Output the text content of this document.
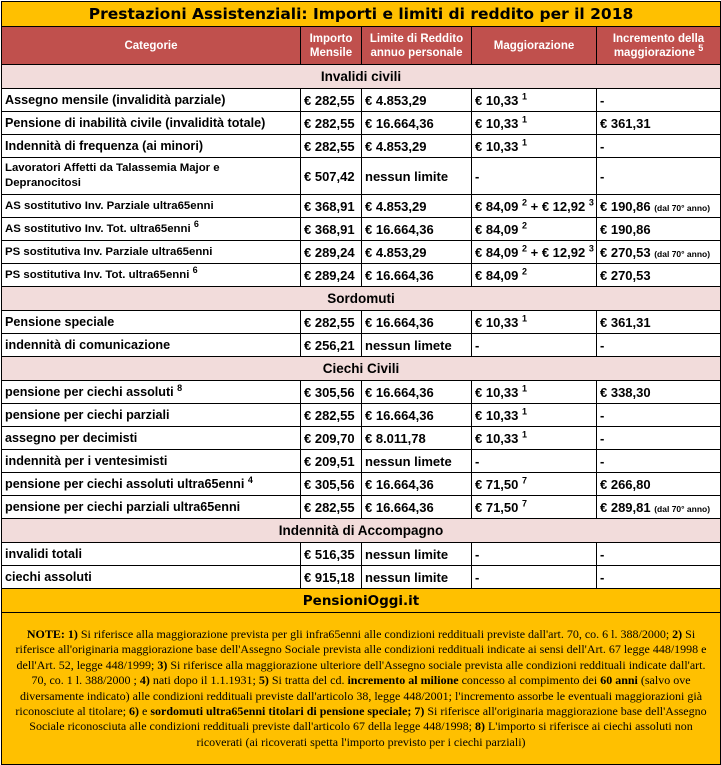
Prestazioni Assistenziali: Importi e limiti di reddito per il 2018				
Categorie	Importo Mensile	Limite di Reddito annuo personale	Maggiorazione	Incremento della maggiorazione $^5$
Invalidi civili				
Assegno mensile (invalidità parziale)	€ 282,55	€ 4.853,29	€ 10,33 $^1$	-
Pensione di inabilità civile (invalidità totale)	€ 282,55	€ 16.664,36	€ 10,33 $^1$	€ 361,31
Indennità di frequenza (ai minori)	€ 282,55	€ 4.853,29	€ 10,33 $^1$	-
Lavoratori Affetti da Talassemia Major e Depranocitosi	€ 507,42	nessun limite	-	-
AS sostitutivo Inv. Parziale ultra65enni	€ 368,91	€ 4.853,29	€ 84,09 $^2$ + € 12,92 $^3$	€ 190,86 (dal 70° anno)
AS sostitutivo Inv. Tot. ultra65enni $^6$	€ 368,91	€ 16.664,36	€ 84,09 $^2$	€ 190,86
PS sostitutiva Inv. Parziale ultra65enni	€ 289,24	€ 4.853,29	€ 84,09 $^2$ + € 12,92 $^3$	€ 270,53 (dal 70° anno)
PS sostitutiva Inv. Tot. ultra65enni $^6$	€ 289,24	€ 16.664,36	€ 84,09 $^2$	€ 270,53
Sordomuti				
Pensione speciale	€ 282,55	€ 16.664,36	€ 10,33 $^1$	€ 361,31
indennità di comunicazione	€ 256,21	nessun limete	-	-
Ciechi Civili				
pensione per ciechi assoluti $^8$	€ 305,56	€ 16.664,36	€ 10,33 $^1$	€ 338,30
pensione per ciechi parziali	€ 282,55	€ 16.664,36	€ 10,33 $^1$	-
assegno per decimisti	€ 209,70	€ 8.011,78	€ 10,33 $^1$	-
indennità per i ventesimisti	€ 209,51	nessun limete	-	-
pensione per ciechi assoluti ultra65enni $^4$	€ 305,56	€ 16.664,36	€ 71,50 $^7$	€ 266,80
pensione per ciechi parziali ultra65enni	€ 282,55	€ 16.664,36	€ 71,50 $^7$	€ 289,81 (dal 70° anno)
Indennità di Accompagno				
invalidi totali	€ 516,35	nessun limite	-	-
ciechi assoluti	€ 915,18	nessun limite	-	-
PensioniOggi.it				
NOTE: 1) Si riferisce alla maggiorazione prevista per gli infra65enni alle condizioni reddituali previste dall'art. 70, co. 6 l. 388/2000; 2) Si riferisce all'originaria maggiorazione base dell'Assegno Sociale prevista alle condizioni reddituali indicate ai sensi dell'Art. 67 legge 448/1998 e dell'Art. 52, legge 448/1999; 3) Si riferisce alla maggiorazione ulteriore dell'Assegno sociale prevista alle condizioni reddituali indicate dall'art. 70, co. 1 l. 388/2000 ; 4) nati dopo il 1.1.1931; 5) Si tratta del cd. incremento al milione concesso al compimento dei 60 anni (salvo ove diversamente indicato) alle condizioni reddituali previste dall'articolo 38, legge 448/2001; l'incremento assorbe le eventuali maggiorazioni già riconosciute al titolare; 6) e sordomuti ultra65enni titolari di pensione speciale; 7) Si riferisce all'originaria maggiorazione base dell'Assegno Sociale riconosciuta alle condizioni reddituali previste dall'articolo 67 della legge 448/1998; 8) L'importo si riferisce ai ciechi assoluti non ricoverati (ai ricoverati spetta l'importo previsto per i ciechi parziali)				
